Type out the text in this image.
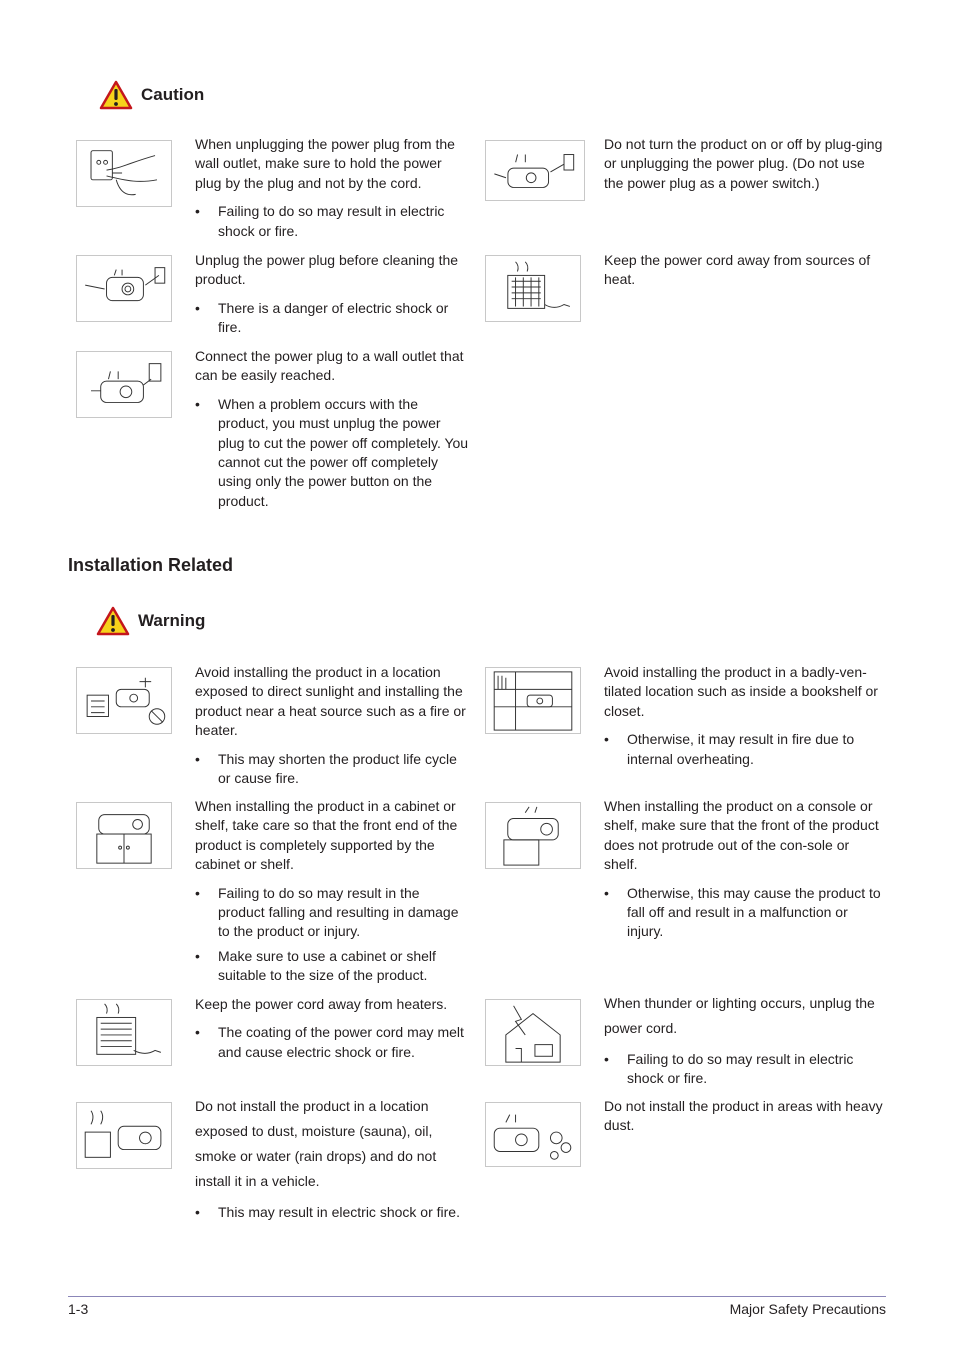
Caution

When unplugging the power plug from the wall outlet, make sure to hold the power plug by the plug and not by the cord.

• Failing to do so may result in electric shock or fire.

Unplug the power plug before cleaning the product.

• There is a danger of electric shock or fire.

Connect the power plug to a wall outlet that can be easily reached.

• When a problem occurs with the product, you must unplug the power plug to cut the power off completely. You cannot cut the power off completely using only the power button on the product.

Do not turn the product on or off by plug-ging or unplugging the power plug. (Do not use the power plug as a power switch.)

Keep the power cord away from sources of heat.

Installation Related
Warning

Avoid installing the product in a location exposed to direct sunlight and installing the product near a heat source such as a fire or heater.

• This may shorten the product life cycle or cause fire.

Avoid installing the product in a badly-ven-tilated location such as inside a bookshelf or closet.

• Otherwise, it may result in fire due to internal overheating.

When installing the product in a cabinet or shelf, take care so that the front end of the product is completely supported by the cabinet or shelf.

• Failing to do so may result in the product falling and resulting in damage to the product or injury.
• Make sure to use a cabinet or shelf suitable to the size of the product.

When installing the product on a console or shelf, make sure that the front of the product does not protrude out of the con-sole or shelf.

• Otherwise, this may cause the product to fall off and result in a malfunction or injury.

Keep the power cord away from heaters.

• The coating of the power cord may melt and cause electric shock or fire.

When thunder or lighting occurs, unplug the power cord.

• Failing to do so may result in electric shock or fire.

Do not install the product in a location exposed to dust, moisture (sauna), oil, smoke or water (rain drops) and do not install it in a vehicle.

• This may result in electric shock or fire.

Do not install the product in areas with heavy dust.

1-3	Major Safety Precautions
